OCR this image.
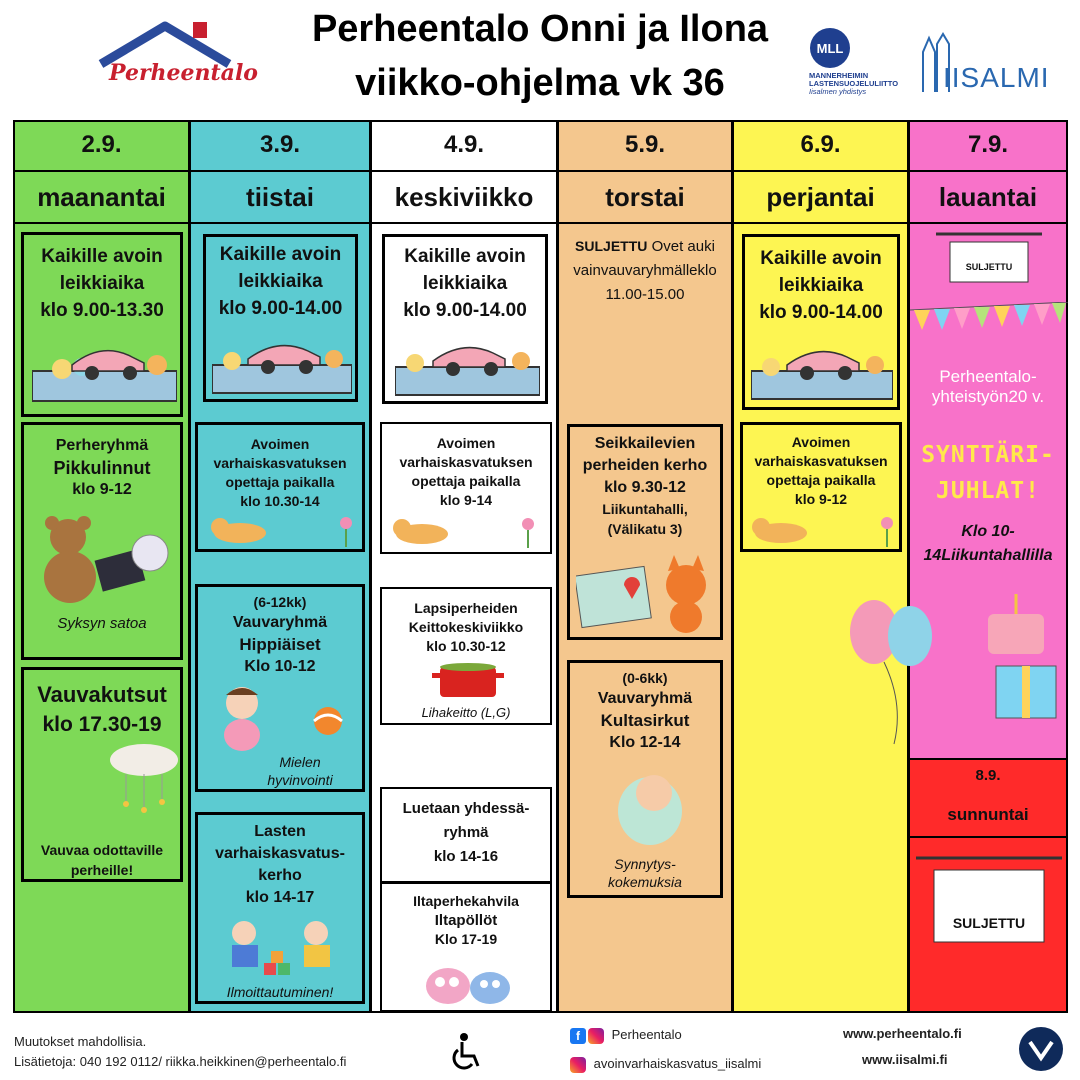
Perheentalo
Perheentalo Onni ja Ilona
viikko-ohjelma vk 36
MLL
MANNERHEIMIN
LASTENSUOJELULIITTO
Iisalmen yhdistys	IISALMI
2.9.
maanantai
Kaikille avoin
leikkiaika
klo 9.00-13.30
Perheryhmä
Pikkulinnut
klo 9-12
Syksyn satoa
Vauvakutsut
klo 17.30-19
Vauvaa odottaville
perheille!
3.9.
tiistai
Kaikille avoin
leikkiaika
klo 9.00-14.00
Avoimen
varhaiskasvatuksen
opettaja paikalla
klo 10.30-14
(6-12kk)
Vauvaryhmä
Hippiäiset
Klo 10-12
Mielen
hyvinvointi
Lasten
varhaiskasvatus-
kerho
klo 14-17
Ilmoittautuminen!
4.9.
keskiviikko
Kaikille avoin
leikkiaika
klo 9.00-14.00
Avoimen
varhaiskasvatuksen
opettaja paikalla
klo 9-14
Lapsiperheiden
Keittokeskiviikko
klo 10.30-12
Lihakeitto (L,G)
Luetaan yhdessä-
ryhmä
klo 14-16
Iltaperhekahvila
Iltapöllöt
Klo 17-19
5.9.
torstai
SULJETTU Ovet auki vainvauvaryhmälleklo 11.00-15.00
Seikkailevien
perheiden kerho
klo 9.30-12
Liikuntahalli,
(Välikatu 3)
(0-6kk)
Vauvaryhmä
Kultasirkut
Klo 12-14
Synnytys-
kokemuksia
6.9.
perjantai
Kaikille avoin
leikkiaika
klo 9.00-14.00
Avoimen
varhaiskasvatuksen
opettaja paikalla
klo 9-12
7.9.
lauantai
SULJETTU
Perheentalo-yhteistyön20 v.
SYNTTÄRI-JUHLAT!
Klo 10-14Liikuntahallilla
8.9.
sunnuntai
SULJETTU
Muutokset mahdollisia.
Lisätietoja: 040 192 0112/ riikka.heikkinen@perheentalo.fi
f Perheentalo
avoinvarhaiskasvatus_iisalmi
www.perheentalo.fi
www.iisalmi.fi
